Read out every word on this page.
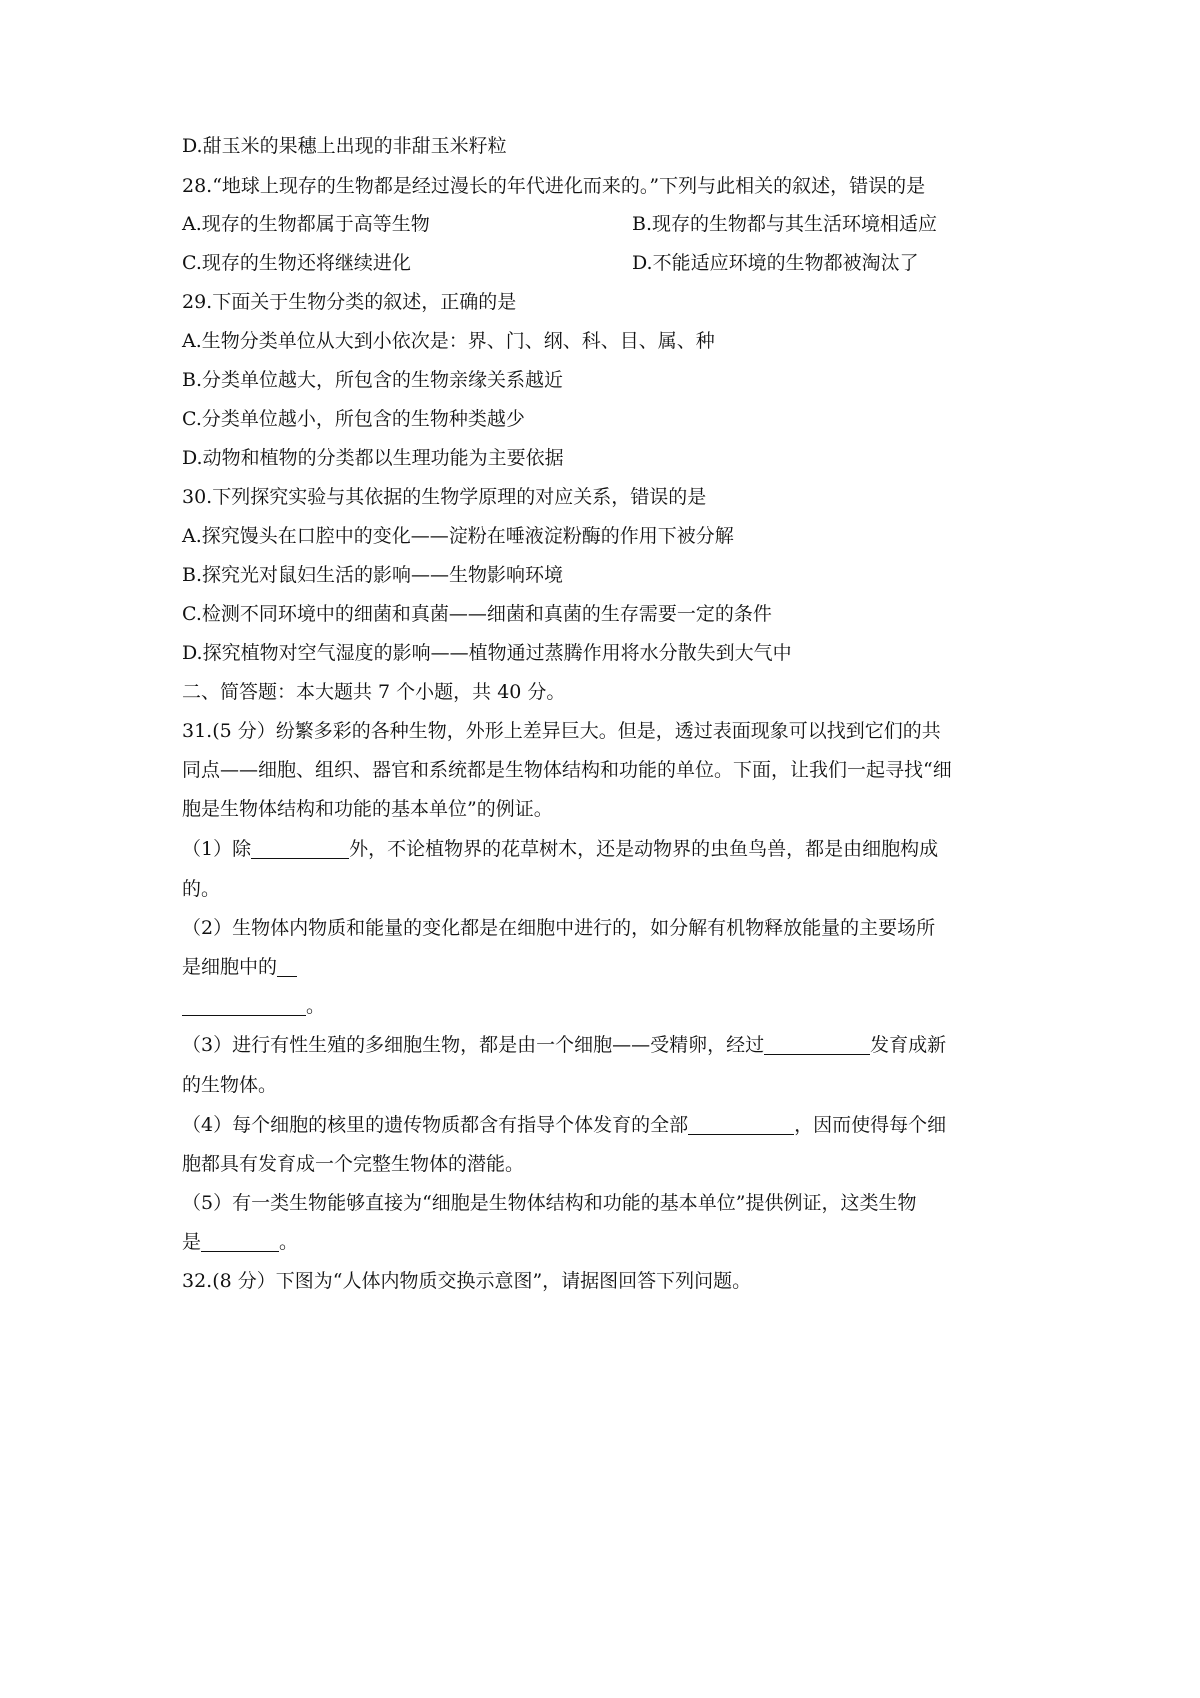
D.甜玉米的果穗上出现的非甜玉米籽粒
28.“地球上现存的生物都是经过漫长的年代进化而来的。”下列与此相关的叙述，错误的是
A.现存的生物都属于高等生物	B.现存的生物都与其生活环境相适应
C.现存的生物还将继续进化	D.不能适应环境的生物都被淘汰了
29.下面关于生物分类的叙述，正确的是
A.生物分类单位从大到小依次是：界、门、纲、科、目、属、种
B.分类单位越大，所包含的生物亲缘关系越近
C.分类单位越小，所包含的生物种类越少
D.动物和植物的分类都以生理功能为主要依据
30.下列探究实验与其依据的生物学原理的对应关系，错误的是
A.探究馒头在口腔中的变化——淀粉在唾液淀粉酶的作用下被分解
B.探究光对鼠妇生活的影响——生物影响环境
C.检测不同环境中的细菌和真菌——细菌和真菌的生存需要一定的条件
D.探究植物对空气湿度的影响——植物通过蒸腾作用将水分散失到大气中
二、简答题：本大题共 7 个小题，共 40 分。
31.(5 分）纷繁多彩的各种生物，外形上差异巨大。但是，透过表面现象可以找到它们的共
同点——细胞、组织、器官和系统都是生物体结构和功能的单位。下面，让我们一起寻找“细
胞是生物体结构和功能的基本单位”的例证。
（1）除	外，不论植物界的花草树木，还是动物界的虫鱼鸟兽，都是由细胞构成
的。
（2）生物体内物质和能量的变化都是在细胞中进行的，如分解有机物释放能量的主要场所
是细胞中的
。
（3）进行有性生殖的多细胞生物，都是由一个细胞——受精卵，经过	发育成新
的生物体。
（4）每个细胞的核里的遗传物质都含有指导个体发育的全部	，因而使得每个细
胞都具有发育成一个完整生物体的潜能。
（5）有一类生物能够直接为“细胞是生物体结构和功能的基本单位”提供例证，这类生物
是	。
32.(8 分）下图为“人体内物质交换示意图”，请据图回答下列问题。
